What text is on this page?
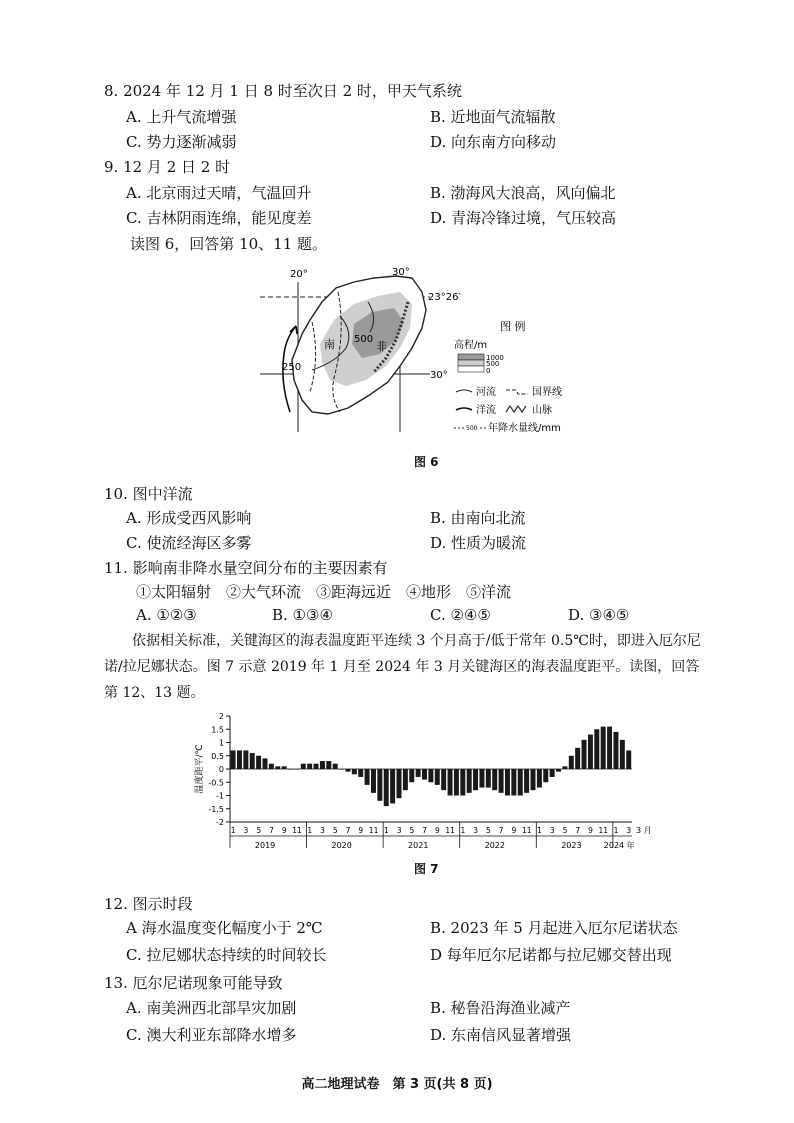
8. 2024 年 12 月 1 日 8 时至次日 2 时，甲天气系统
A. 上升气流增强	B. 近地面气流辐散
C. 势力逐渐减弱	D. 向东南方向移动
9. 12 月 2 日 2 时
A. 北京雨过天晴，气温回升	B. 渤海风大浪高，风向偏北
C. 吉林阴雨连绵，能见度差	D. 青海冷锋过境，气压较高
读图 6，回答第 10、11 题。
20°	30°
23°26′
30°
250
500
南	非
图 例
高程/m
1000
500
0
河流	国界线
洋流	山脉
500 年降水量线/mm
图 6
10. 图中洋流
A. 形成受西风影响	B. 由南向北流
C. 使流经海区多雾	D. 性质为暖流
11. 影响南非降水量空间分布的主要因素有
①太阳辐射　②大气环流　③距海远近　④地形　⑤洋流
A. ①②③	B. ①③④	C. ②④⑤	D. ③④⑤
依据相关标准，关键海区的海表温度距平连续 3 个月高于/低于常年 0.5℃时，即进入厄尔尼诺/拉尼娜状态。图 7 示意 2019 年 1 月至 2024 年 3 月关键海区的海表温度距平。读图，回答第 12、13 题。
2
1.5
1
0.5
0
-0.5
-1
-1.5
-2
1 3 5 7 9 11 1 3 5 7 9 11 1 3 5 7 9 11 1 3 5 7 9 11 1 3 5 7 9 11 1 3
2019	2020	2021	2022	2023	2024 年
3 月
温度距平/℃
图 7
12. 图示时段
A 海水温度变化幅度小于 2℃	B. 2023 年 5 月起进入厄尔尼诺状态
C. 拉尼娜状态持续的时间较长	D 每年厄尔尼诺都与拉尼娜交替出现
13. 厄尔尼诺现象可能导致
A. 南美洲西北部旱灾加剧	B. 秘鲁沿海渔业减产
C. 澳大利亚东部降水增多	D. 东南信风显著增强
高二地理试卷　第 3 页(共 8 页)
